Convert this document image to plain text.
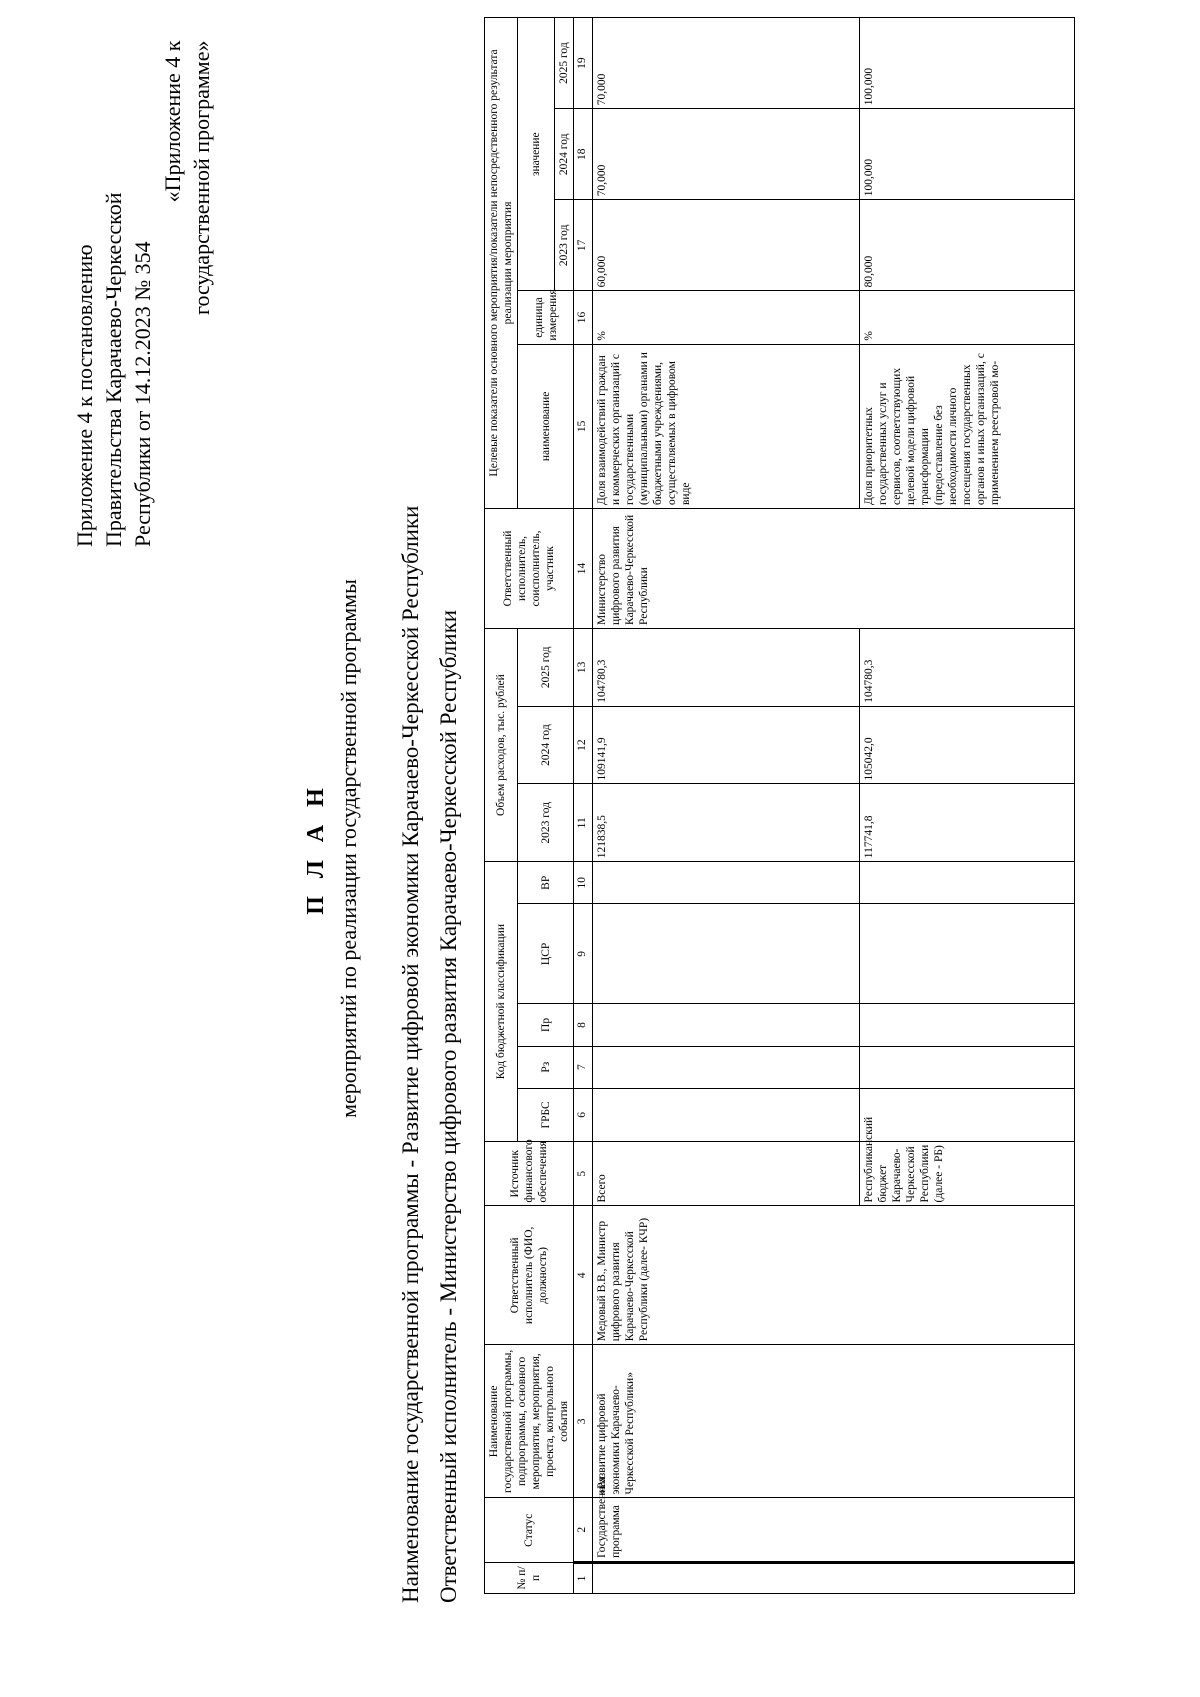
Приложение 4 к постановлению Правительства Карачаево-Черкесской Республики от 14.12.2023 № 354
«Приложение 4 к государственной программе»
П Л А Н мероприятий по реализации государственной программы Наименование государственной программы - Развитие цифровой экономики Карачаево-Черкесской Республики Ответственный исполнитель - Министерство цифрового развития Карачаево-Черкесской Республики	№ п/п	Статус	Наименование государственной программы, подпрограммы, основного мероприятия, мероприятия, проекта, контрольного события	Ответственный исполнитель (ФИО, должность)	Источник финансового обеспечения	Код бюджетной классификации					Объем расходов, тыс. рублей			Ответственный исполнитель, соисполнитель, участник	Целевые показатели основного мероприятия/показатели непосредственного результата реализации мероприятия				
					ГРБС	Рз	Пр	ЦСР	ВР	2023 год	2024 год	2025 год		наименование	единица измерения	значение		
																2023 год	2024 год	2025 год
1	2	3	4	5	6	7	8	9	10	11	12	13	14	15	16	17	18	19
	Государственная программа	«Развитие цифровой экономики Карачаево-Черкесской Республики»	Медовый В.В., Министр цифрового развития Карачаево-Черкесской Республики (далее- КЧР)	Всего						121838,5	109141,9	104780,3	Министерство цифрового развития Карачаево-Черкесской Республики	Доля взаимодействий граждан и коммерческих организаций с государственными (муниципальными) органами и бюджетными учреждениями, осуществляемых в цифровом виде	%	60,000	70,000	70,000
				Республиканский бюджет Карачаево-Черкесской Республики (далее - РБ)						117741,8	105042,0	104780,3		Доля приоритетных государственных услуг и сервисов, соответствующих целевой модели цифровой трансформации (предоставление без необходимости личного посещения государственных органов и иных организаций, с применением реестровой мо-	%	80,000	100,000	100,000
